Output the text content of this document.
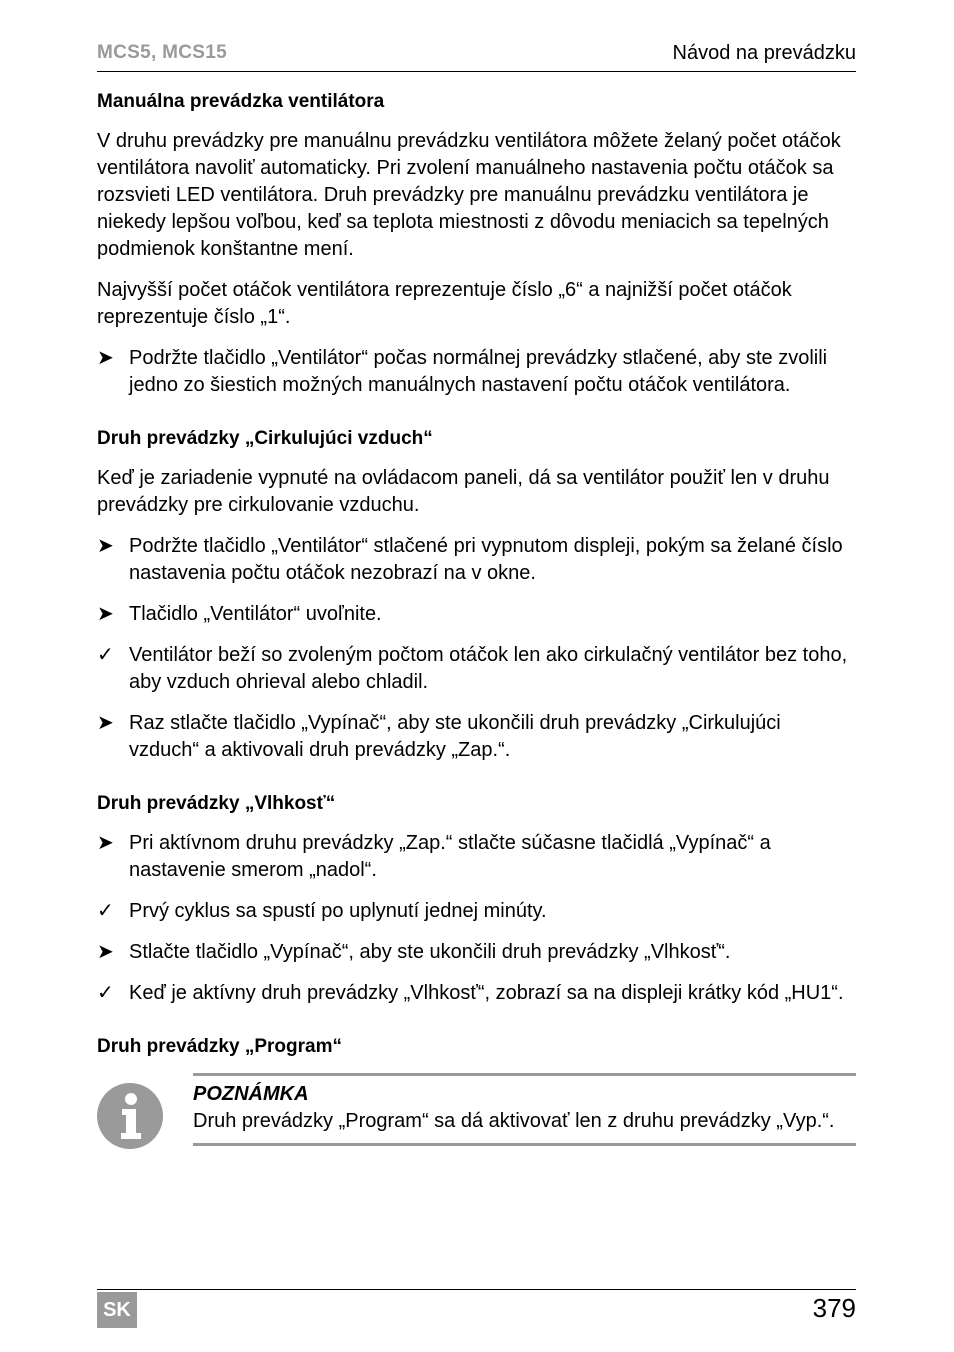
MCS5, MCS15	Návod na prevádzku
Manuálna prevádzka ventilátora

V druhu prevádzky pre manuálnu prevádzku ventilátora môžete želaný počet otáčok ventilátora navoliť automaticky. Pri zvolení manuálneho nastavenia počtu otáčok sa rozsvieti LED ventilátora. Druh prevádzky pre manuálnu prevádzku ventilátora je niekedy lepšou voľbou, keď sa teplota miestnosti z dôvodu meniacich sa tepelných podmienok konštantne mení.

Najvyšší počet otáčok ventilátora reprezentuje číslo „6“ a najnižší počet otáčok reprezentuje číslo „1“.

➤ Podržte tlačidlo „Ventilátor“ počas normálnej prevádzky stlačené, aby ste zvolili jedno zo šiestich možných manuálnych nastavení počtu otáčok ventilátora.
Druh prevádzky „Cirkulujúci vzduch“

Keď je zariadenie vypnuté na ovládacom paneli, dá sa ventilátor použiť len v druhu prevádzky pre cirkulovanie vzduchu.

➤ Podržte tlačidlo „Ventilátor“ stlačené pri vypnutom displeji, pokým sa želané číslo nastavenia počtu otáčok nezobrazí na v okne.
➤ Tlačidlo „Ventilátor“ uvoľnite.
✓ Ventilátor beží so zvoleným počtom otáčok len ako cirkulačný ventilátor bez toho, aby vzduch ohrieval alebo chladil.
➤ Raz stlačte tlačidlo „Vypínač“, aby ste ukončili druh prevádzky „Cirkulujúci vzduch“ a aktivovali druh prevádzky „Zap.“.
Druh prevádzky „Vlhkosť“
➤ Pri aktívnom druhu prevádzky „Zap.“ stlačte súčasne tlačidlá „Vypínač“ a nastavenie smerom „nadol“.
✓ Prvý cyklus sa spustí po uplynutí jednej minúty.
➤ Stlačte tlačidlo „Vypínač“, aby ste ukončili druh prevádzky „Vlhkosť“.
✓ Keď je aktívny druh prevádzky „Vlhkosť“, zobrazí sa na displeji krátky kód „HU1“.
Druh prevádzky „Program“
POZNÁMKA
Druh prevádzky „Program“ sa dá aktivovať len z druhu prevádzky „Vyp.“.
SK	379
